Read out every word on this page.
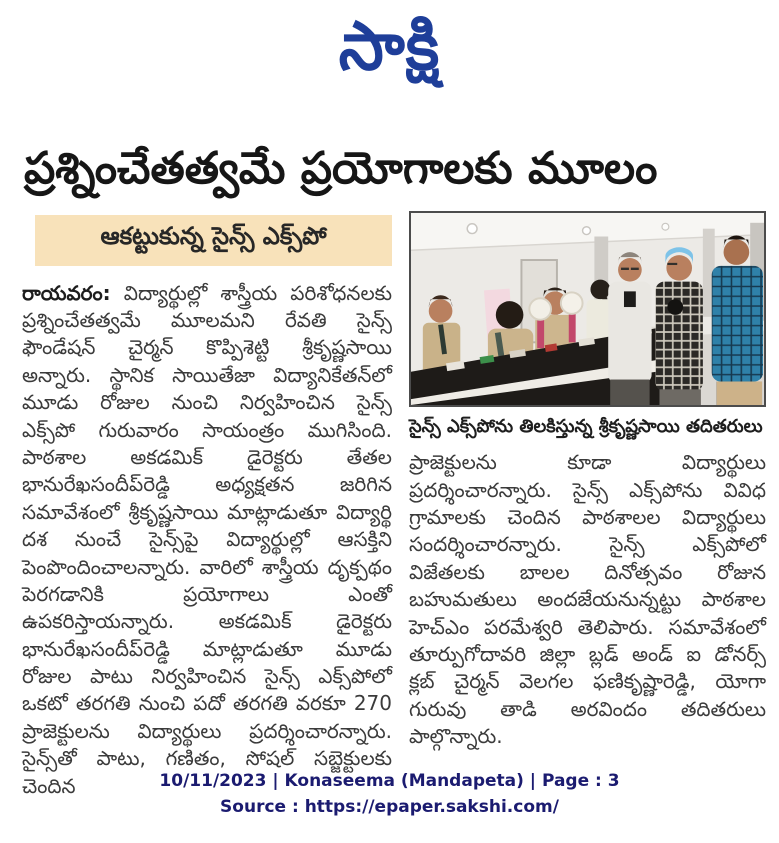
సాక్షి
ప్రశ్నించేతత్వమే ప్రయోగాలకు మూలం
ఆకట్టుకున్న సైన్స్ ఎక్స్‌పో

రాయవరం: విద్యార్థుల్లో శాస్త్రీయ పరిశోధనలకు ప్రశ్నించేతత్వమే మూలమని రేవతి సైన్స్ ఫౌండేషన్ చైర్మన్ కొప్పిశెట్టి శ్రీకృష్ణసాయి అన్నారు. స్థానిక సాయితేజా విద్యానికేతన్‌లో మూడు రోజుల నుంచి నిర్వహించిన సైన్స్ ఎక్స్‌పో గురువారం సాయంత్రం ముగిసింది. పాఠశాల అకడమిక్ డైరెక్టరు తేతల భానురేఖసందీప్‌రెడ్డి అధ్యక్షతన జరిగిన సమావేశంలో శ్రీకృష్ణసాయి మాట్లాడుతూ విద్యార్థి దశ నుంచే సైన్స్‌పై విద్యార్థుల్లో ఆసక్తిని పెంపొందించాలన్నారు. వారిలో శాస్త్రీయ దృక్పథం పెరగడానికి ప్రయోగాలు ఎంతో ఉపకరిస్తాయన్నారు. అకడమిక్ డైరెక్టరు భానురేఖసందీప్‌రెడ్డి మాట్లాడుతూ మూడు రోజుల పాటు నిర్వహించిన సైన్స్ ఎక్స్‌పోలో ఒకటో తరగతి నుంచి పదో తరగతి వరకూ 270 ప్రాజెక్టులను విద్యార్థులు ప్రదర్శించారన్నారు. సైన్స్‌తో పాటు, గణితం, సోషల్ సబ్జెక్టులకు చెందిన

సైన్స్ ఎక్స్‌పోను తిలకిస్తున్న శ్రీకృష్ణసాయి తదితరులు

ప్రాజెక్టులను కూడా విద్యార్థులు ప్రదర్శించారన్నారు. సైన్స్ ఎక్స్‌పోను వివిధ గ్రామాలకు చెందిన పాఠశాలల విద్యార్థులు సందర్శించారన్నారు. సైన్స్ ఎక్స్‌పోలో విజేతలకు బాలల దినోత్సవం రోజున బహుమతులు అందజేయనున్నట్టు పాఠశాల హెచ్‌ఎం పరమేశ్వరి తెలిపారు. సమావేశంలో తూర్పుగోదావరి జిల్లా బ్లడ్ అండ్ ఐ డోనర్స్ క్లబ్ చైర్మన్ వెలగల ఫణికృష్ణారెడ్డి, యోగా గురువు తాడి అరవిందం తదితరులు పాల్గొన్నారు.

10/11/2023 | Konaseema (Mandapeta) | Page : 3
Source : https://epaper.sakshi.com/
